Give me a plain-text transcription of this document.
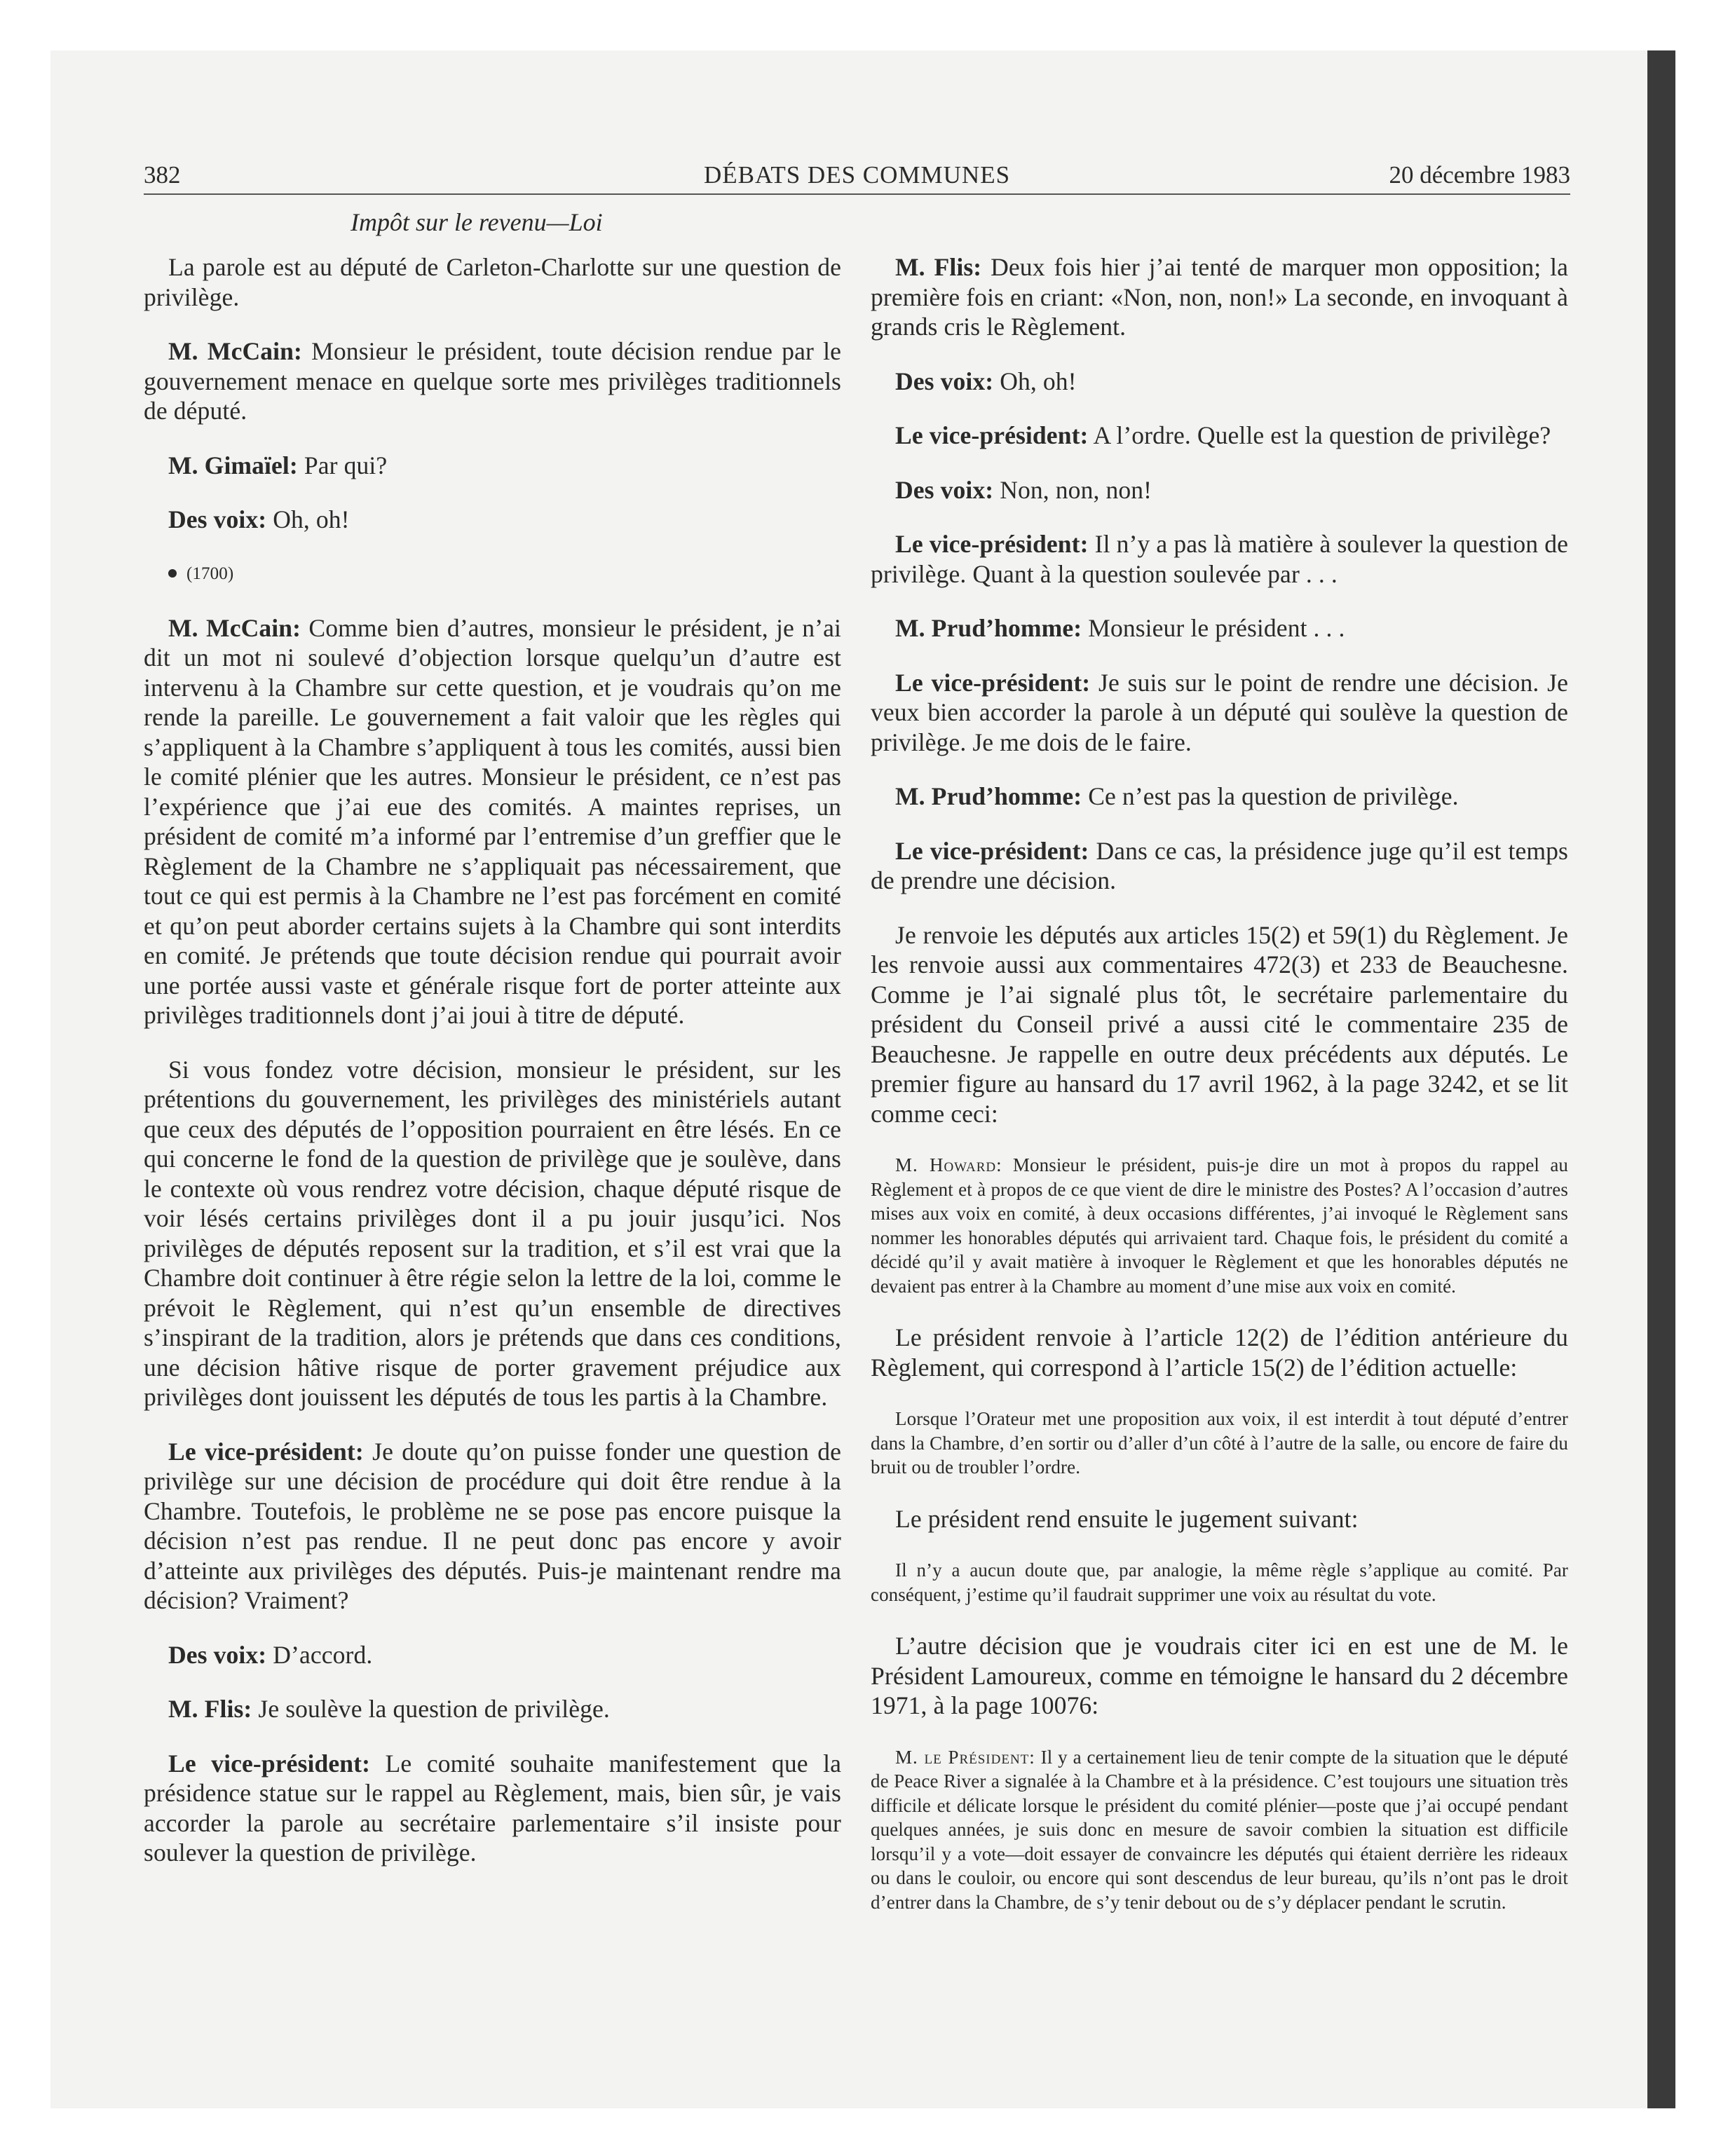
382	DÉBATS DES COMMUNES	20 décembre 1983
Impôt sur le revenu—Loi

La parole est au député de Carleton-Charlotte sur une question de privilège.

M. McCain: Monsieur le président, toute décision rendue par le gouvernement menace en quelque sorte mes privilèges traditionnels de député.

M. Gimaïel: Par qui?

Des voix: Oh, oh!

(1700)

M. McCain: Comme bien d’autres, monsieur le président, je n’ai dit un mot ni soulevé d’objection lorsque quelqu’un d’autre est intervenu à la Chambre sur cette question, et je voudrais qu’on me rende la pareille. Le gouvernement a fait valoir que les règles qui s’appliquent à la Chambre s’appliquent à tous les comités, aussi bien le comité plénier que les autres. Monsieur le président, ce n’est pas l’expérience que j’ai eue des comités. A maintes reprises, un président de comité m’a informé par l’entremise d’un greffier que le Règlement de la Chambre ne s’appliquait pas nécessairement, que tout ce qui est permis à la Chambre ne l’est pas forcément en comité et qu’on peut aborder certains sujets à la Chambre qui sont interdits en comité. Je prétends que toute décision rendue qui pourrait avoir une portée aussi vaste et générale risque fort de porter atteinte aux privilèges traditionnels dont j’ai joui à titre de député.

Si vous fondez votre décision, monsieur le président, sur les prétentions du gouvernement, les privilèges des ministériels autant que ceux des députés de l’opposition pourraient en être lésés. En ce qui concerne le fond de la question de privilège que je soulève, dans le contexte où vous rendrez votre décision, chaque député risque de voir lésés certains privilèges dont il a pu jouir jusqu’ici. Nos privilèges de députés reposent sur la tradition, et s’il est vrai que la Chambre doit continuer à être régie selon la lettre de la loi, comme le prévoit le Règlement, qui n’est qu’un ensemble de directives s’inspirant de la tradition, alors je prétends que dans ces conditions, une décision hâtive risque de porter gravement préjudice aux privilèges dont jouissent les députés de tous les partis à la Chambre.

Le vice-président: Je doute qu’on puisse fonder une question de privilège sur une décision de procédure qui doit être rendue à la Chambre. Toutefois, le problème ne se pose pas encore puisque la décision n’est pas rendue. Il ne peut donc pas encore y avoir d’atteinte aux privilèges des députés. Puis-je maintenant rendre ma décision? Vraiment?

Des voix: D’accord.

M. Flis: Je soulève la question de privilège.

Le vice-président: Le comité souhaite manifestement que la présidence statue sur le rappel au Règlement, mais, bien sûr, je vais accorder la parole au secrétaire parlementaire s’il insiste pour soulever la question de privilège.

M. Flis: Deux fois hier j’ai tenté de marquer mon opposition; la première fois en criant: «Non, non, non!» La seconde, en invoquant à grands cris le Règlement.

Des voix: Oh, oh!

Le vice-président: A l’ordre. Quelle est la question de privilège?

Des voix: Non, non, non!

Le vice-président: Il n’y a pas là matière à soulever la question de privilège. Quant à la question soulevée par . . .

M. Prud’homme: Monsieur le président . . .

Le vice-président: Je suis sur le point de rendre une décision. Je veux bien accorder la parole à un député qui soulève la question de privilège. Je me dois de le faire.

M. Prud’homme: Ce n’est pas la question de privilège.

Le vice-président: Dans ce cas, la présidence juge qu’il est temps de prendre une décision.

Je renvoie les députés aux articles 15(2) et 59(1) du Règlement. Je les renvoie aussi aux commentaires 472(3) et 233 de Beauchesne. Comme je l’ai signalé plus tôt, le secrétaire parlementaire du président du Conseil privé a aussi cité le commentaire 235 de Beauchesne. Je rappelle en outre deux précédents aux députés. Le premier figure au hansard du 17 avril 1962, à la page 3242, et se lit comme ceci:

M. Howard: Monsieur le président, puis-je dire un mot à propos du rappel au Règlement et à propos de ce que vient de dire le ministre des Postes? A l’occasion d’autres mises aux voix en comité, à deux occasions différentes, j’ai invoqué le Règlement sans nommer les honorables députés qui arrivaient tard. Chaque fois, le président du comité a décidé qu’il y avait matière à invoquer le Règlement et que les honorables députés ne devaient pas entrer à la Chambre au moment d’une mise aux voix en comité.

Le président renvoie à l’article 12(2) de l’édition antérieure du Règlement, qui correspond à l’article 15(2) de l’édition actuelle:

Lorsque l’Orateur met une proposition aux voix, il est interdit à tout député d’entrer dans la Chambre, d’en sortir ou d’aller d’un côté à l’autre de la salle, ou encore de faire du bruit ou de troubler l’ordre.

Le président rend ensuite le jugement suivant:

Il n’y a aucun doute que, par analogie, la même règle s’applique au comité. Par conséquent, j’estime qu’il faudrait supprimer une voix au résultat du vote.

L’autre décision que je voudrais citer ici en est une de M. le Président Lamoureux, comme en témoigne le hansard du 2 décembre 1971, à la page 10076:

M. le Président: Il y a certainement lieu de tenir compte de la situation que le député de Peace River a signalée à la Chambre et à la présidence. C’est toujours une situation très difficile et délicate lorsque le président du comité plénier—poste que j’ai occupé pendant quelques années, je suis donc en mesure de savoir combien la situation est difficile lorsqu’il y a vote—doit essayer de convaincre les députés qui étaient derrière les rideaux ou dans le couloir, ou encore qui sont descendus de leur bureau, qu’ils n’ont pas le droit d’entrer dans la Chambre, de s’y tenir debout ou de s’y déplacer pendant le scrutin.
